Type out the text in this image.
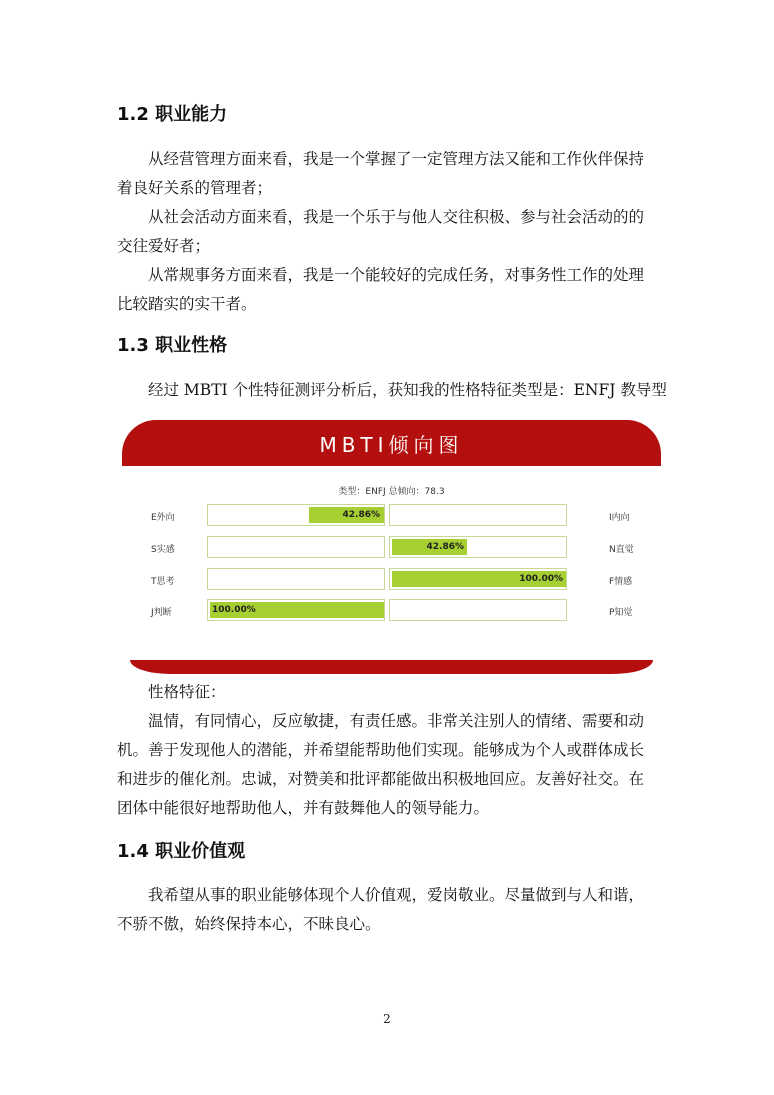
1.2 职业能力

从经营管理方面来看，我是一个掌握了一定管理方法又能和工作伙伴保持着良好关系的管理者；

从社会活动方面来看，我是一个乐于与他人交往积极、参与社会活动的的交往爱好者；

从常规事务方面来看，我是一个能较好的完成任务，对事务性工作的处理比较踏实的实干者。

1.3 职业性格

经过 MBTI 个性特征测评分析后，获知我的性格特征类型是：ENFJ 教导型

MBTI倾向图
类型：ENFJ 总倾向：78.3
E外向	42.86%	I内向
S实感	42.86%	N直觉
T思考	100.00%	F情感
J判断	100.00%	P知觉

性格特征：

温情，有同情心，反应敏捷，有责任感。非常关注别人的情绪、需要和动机。善于发现他人的潜能，并希望能帮助他们实现。能够成为个人或群体成长和进步的催化剂。忠诚，对赞美和批评都能做出积极地回应。友善好社交。在团体中能很好地帮助他人，并有鼓舞他人的领导能力。

1.4 职业价值观

我希望从事的职业能够体现个人价值观，爱岗敬业。尽量做到与人和谐，不骄不傲，始终保持本心，不昧良心。

2
